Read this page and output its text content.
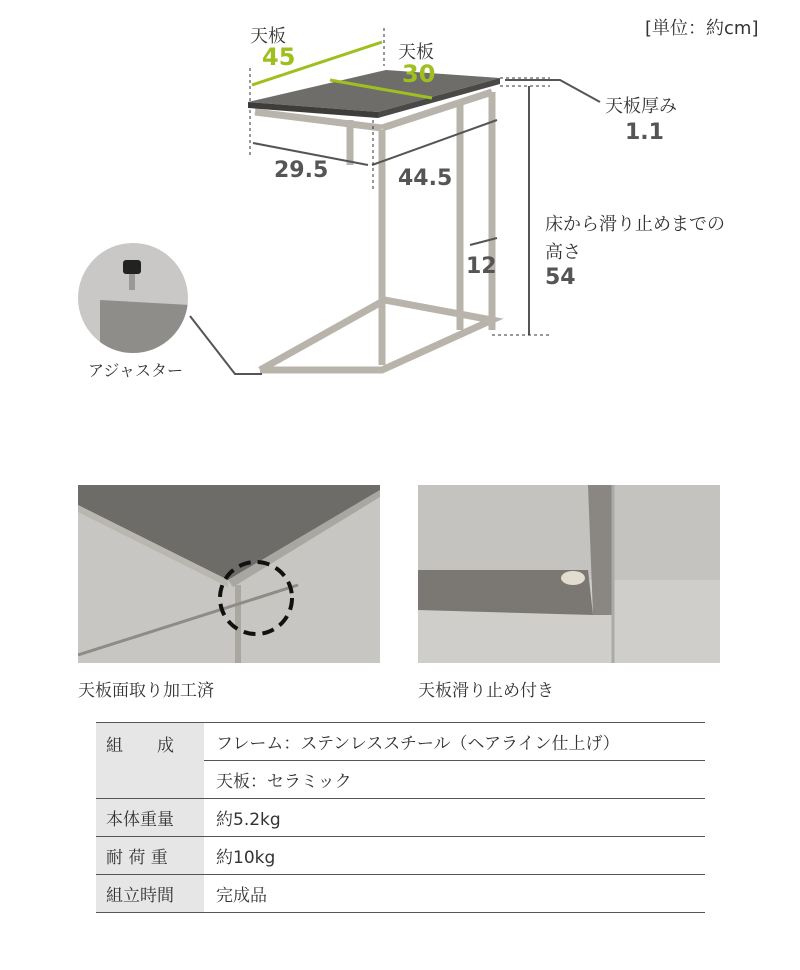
[単位：約cm]
天板
45	天板
30
29.5	44.5
天板厚み
1.1
床から滑り止めまでの
高さ
54
12
アジャスター
天板面取り加工済	天板滑り止め付き
組　　成	フレーム：ステンレススチール（ヘアライン仕上げ）
	天板：セラミック
本体重量	約5.2kg
耐 荷 重	約10kg
組立時間	完成品
